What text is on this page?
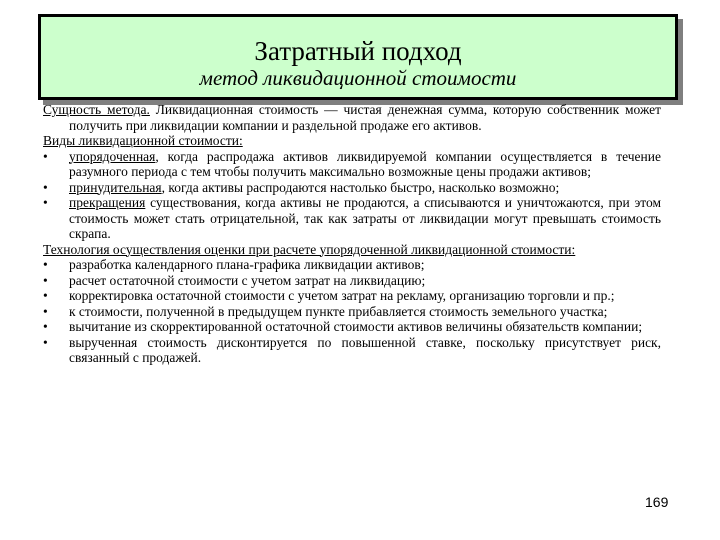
Затратный подход
метод ликвидационной стоимости
Сущность метода. Ликвидационная стоимость — чистая денежная сумма, которую собственник может получить при ликвидации компании и раздельной продаже его активов.
Виды ликвидационной стоимости:
• упорядоченная, когда распродажа активов ликвидируемой компании осуществляется в течение разумного периода с тем чтобы получить максимально возможные цены продажи активов;
• принудительная, когда активы распродаются настолько быстро, насколько возможно;
• прекращения существования, когда активы не продаются, а списываются и уничтожаются, при этом стоимость может стать отрицательной, так как затраты от ликвидации могут превышать стоимость скрапа.
Технология осуществления оценки при расчете упорядоченной ликвидационной стоимости:
• разработка календарного плана-графика ликвидации активов;
• расчет остаточной стоимости с учетом затрат на ликвидацию;
• корректировка остаточной стоимости с учетом затрат на рекламу, организацию торговли и пр.;
• к стоимости, полученной в предыдущем пункте прибавляется стоимость земельного участка;
• вычитание из скорректированной остаточной стоимости активов величины обязательств компании;
• вырученная стоимость дисконтируется по повышенной ставке, поскольку присутствует риск, связанный с продажей.
169
